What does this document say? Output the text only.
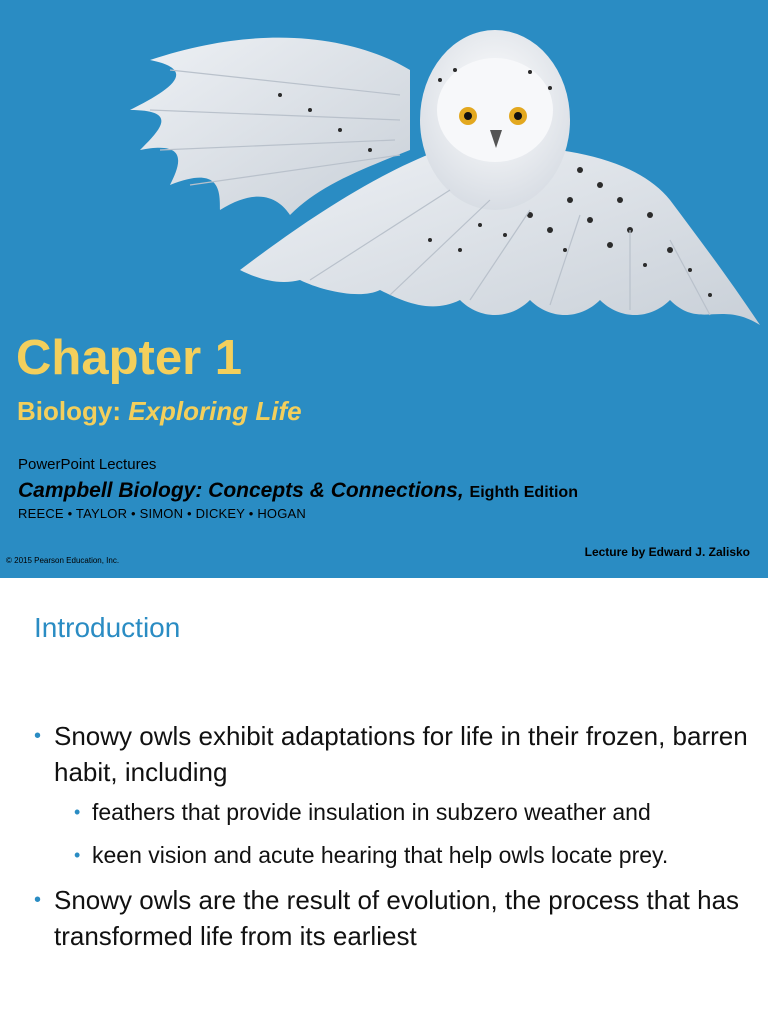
Chapter 1
Biology: Exploring Life
PowerPoint Lectures
Campbell Biology: Concepts & Connections, Eighth Edition
REECE • TAYLOR • SIMON • DICKEY • HOGAN
© 2015 Pearson Education, Inc.
Lecture by Edward J. Zalisko
Introduction
• Snowy owls exhibit adaptations for life in their frozen, barren habit, including
• feathers that provide insulation in subzero weather and
• keen vision and acute hearing that help owls locate prey.
• Snowy owls are the result of evolution, the process that has transformed life from its earliest
